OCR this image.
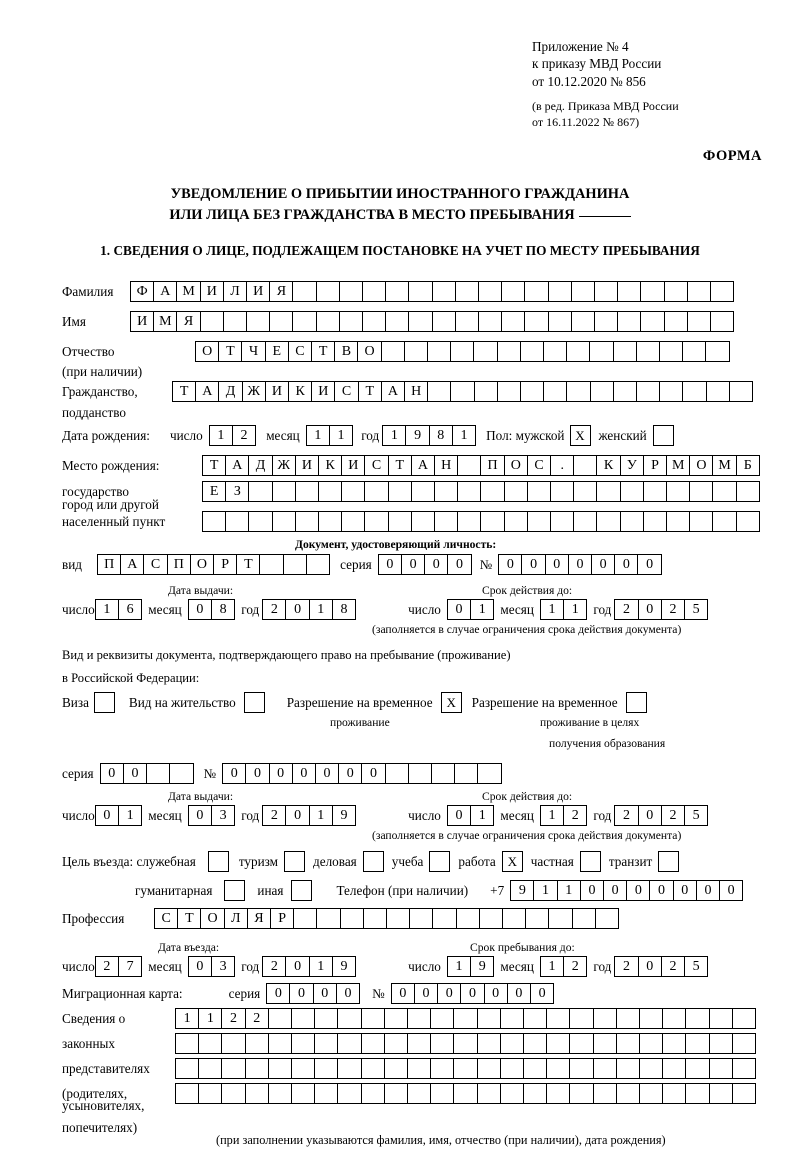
Приложение № 4
к приказу МВД России
от 10.12.2020 № 856
(в ред. Приказа МВД России
от 16.11.2022 № 867)
ФОРМА
УВЕДОМЛЕНИЕ О ПРИБЫТИИ ИНОСТРАННОГО ГРАЖДАНИНА
ИЛИ ЛИЦА БЕЗ ГРАЖДАНСТВА В МЕСТО ПРЕБЫВАНИЯ
1. СВЕДЕНИЯ О ЛИЦЕ, ПОДЛЕЖАЩЕМ ПОСТАНОВКЕ НА УЧЕТ ПО МЕСТУ ПРЕБЫВАНИЯ
Фамилия	Ф А М И Л И Я
Имя	И М Я
Отчество	О Т	Ч	Е	С	Т	В О
(при наличии)
Гражданство,	Т А Д Ж И К И С	Т А Н
подданство
Дата рождения: число	1	2	месяц	1	1	год 1	9	8	1	Пол: мужской X	женский
Место рождения:	Т А Д Ж И К И С	Т А Н	П О С	.	К У	Р М О М Б
государство	Е	З
город или другой
населенный пункт
Документ, удостоверяющий личность:
вид	П А С П О	Р	Т	серия	0	0	0	0	№	0	0	0	0	0	0	0
Дата выдачи:	Срок действия до:
число 1	6	месяц	0	8	год 2	0	1	8	число	0	1	месяц	1	1	год 2	0	2	5
(заполняется в случае ограничения срока действия документа)
Вид и реквизиты документа, подтверждающего право на пребывание (проживание)
в Российской Федерации:
Виза	Вид на жительство	Разрешение на временное	X	Разрешение на временное
проживание	проживание в целях
получения образования
серия	0	0	№	0	0	0	0	0	0	0
Дата выдачи:	Срок действия до:
число 0	1	месяц	0	3	год 2	0	1	9	число	0	1	месяц	1	2	год 2	0	2	5
(заполняется в случае ограничения срока действия документа)
Цель въезда: служебная	туризм	деловая	учеба	работа X	частная	транзит
гуманитарная	иная	Телефон (при наличии) +7	9	1	1	0	0	0	0	0	0	0
Профессия	С	Т О Л Я	Р
Дата въезда:	Срок пребывания до:
число 2	7	месяц	0	3	год 2	0	1	9	число	1	9	месяц	1	2	год 2	0	2	5
Миграционная карта:	серия	0	0	0	0	№	0	0	0	0	0	0	0
Сведения о	1	1	2	2
законных
представителях
(родителях,
усыновителях,
попечителях)
(при заполнении указываются фамилия, имя, отчество (при наличии), дата рождения)
